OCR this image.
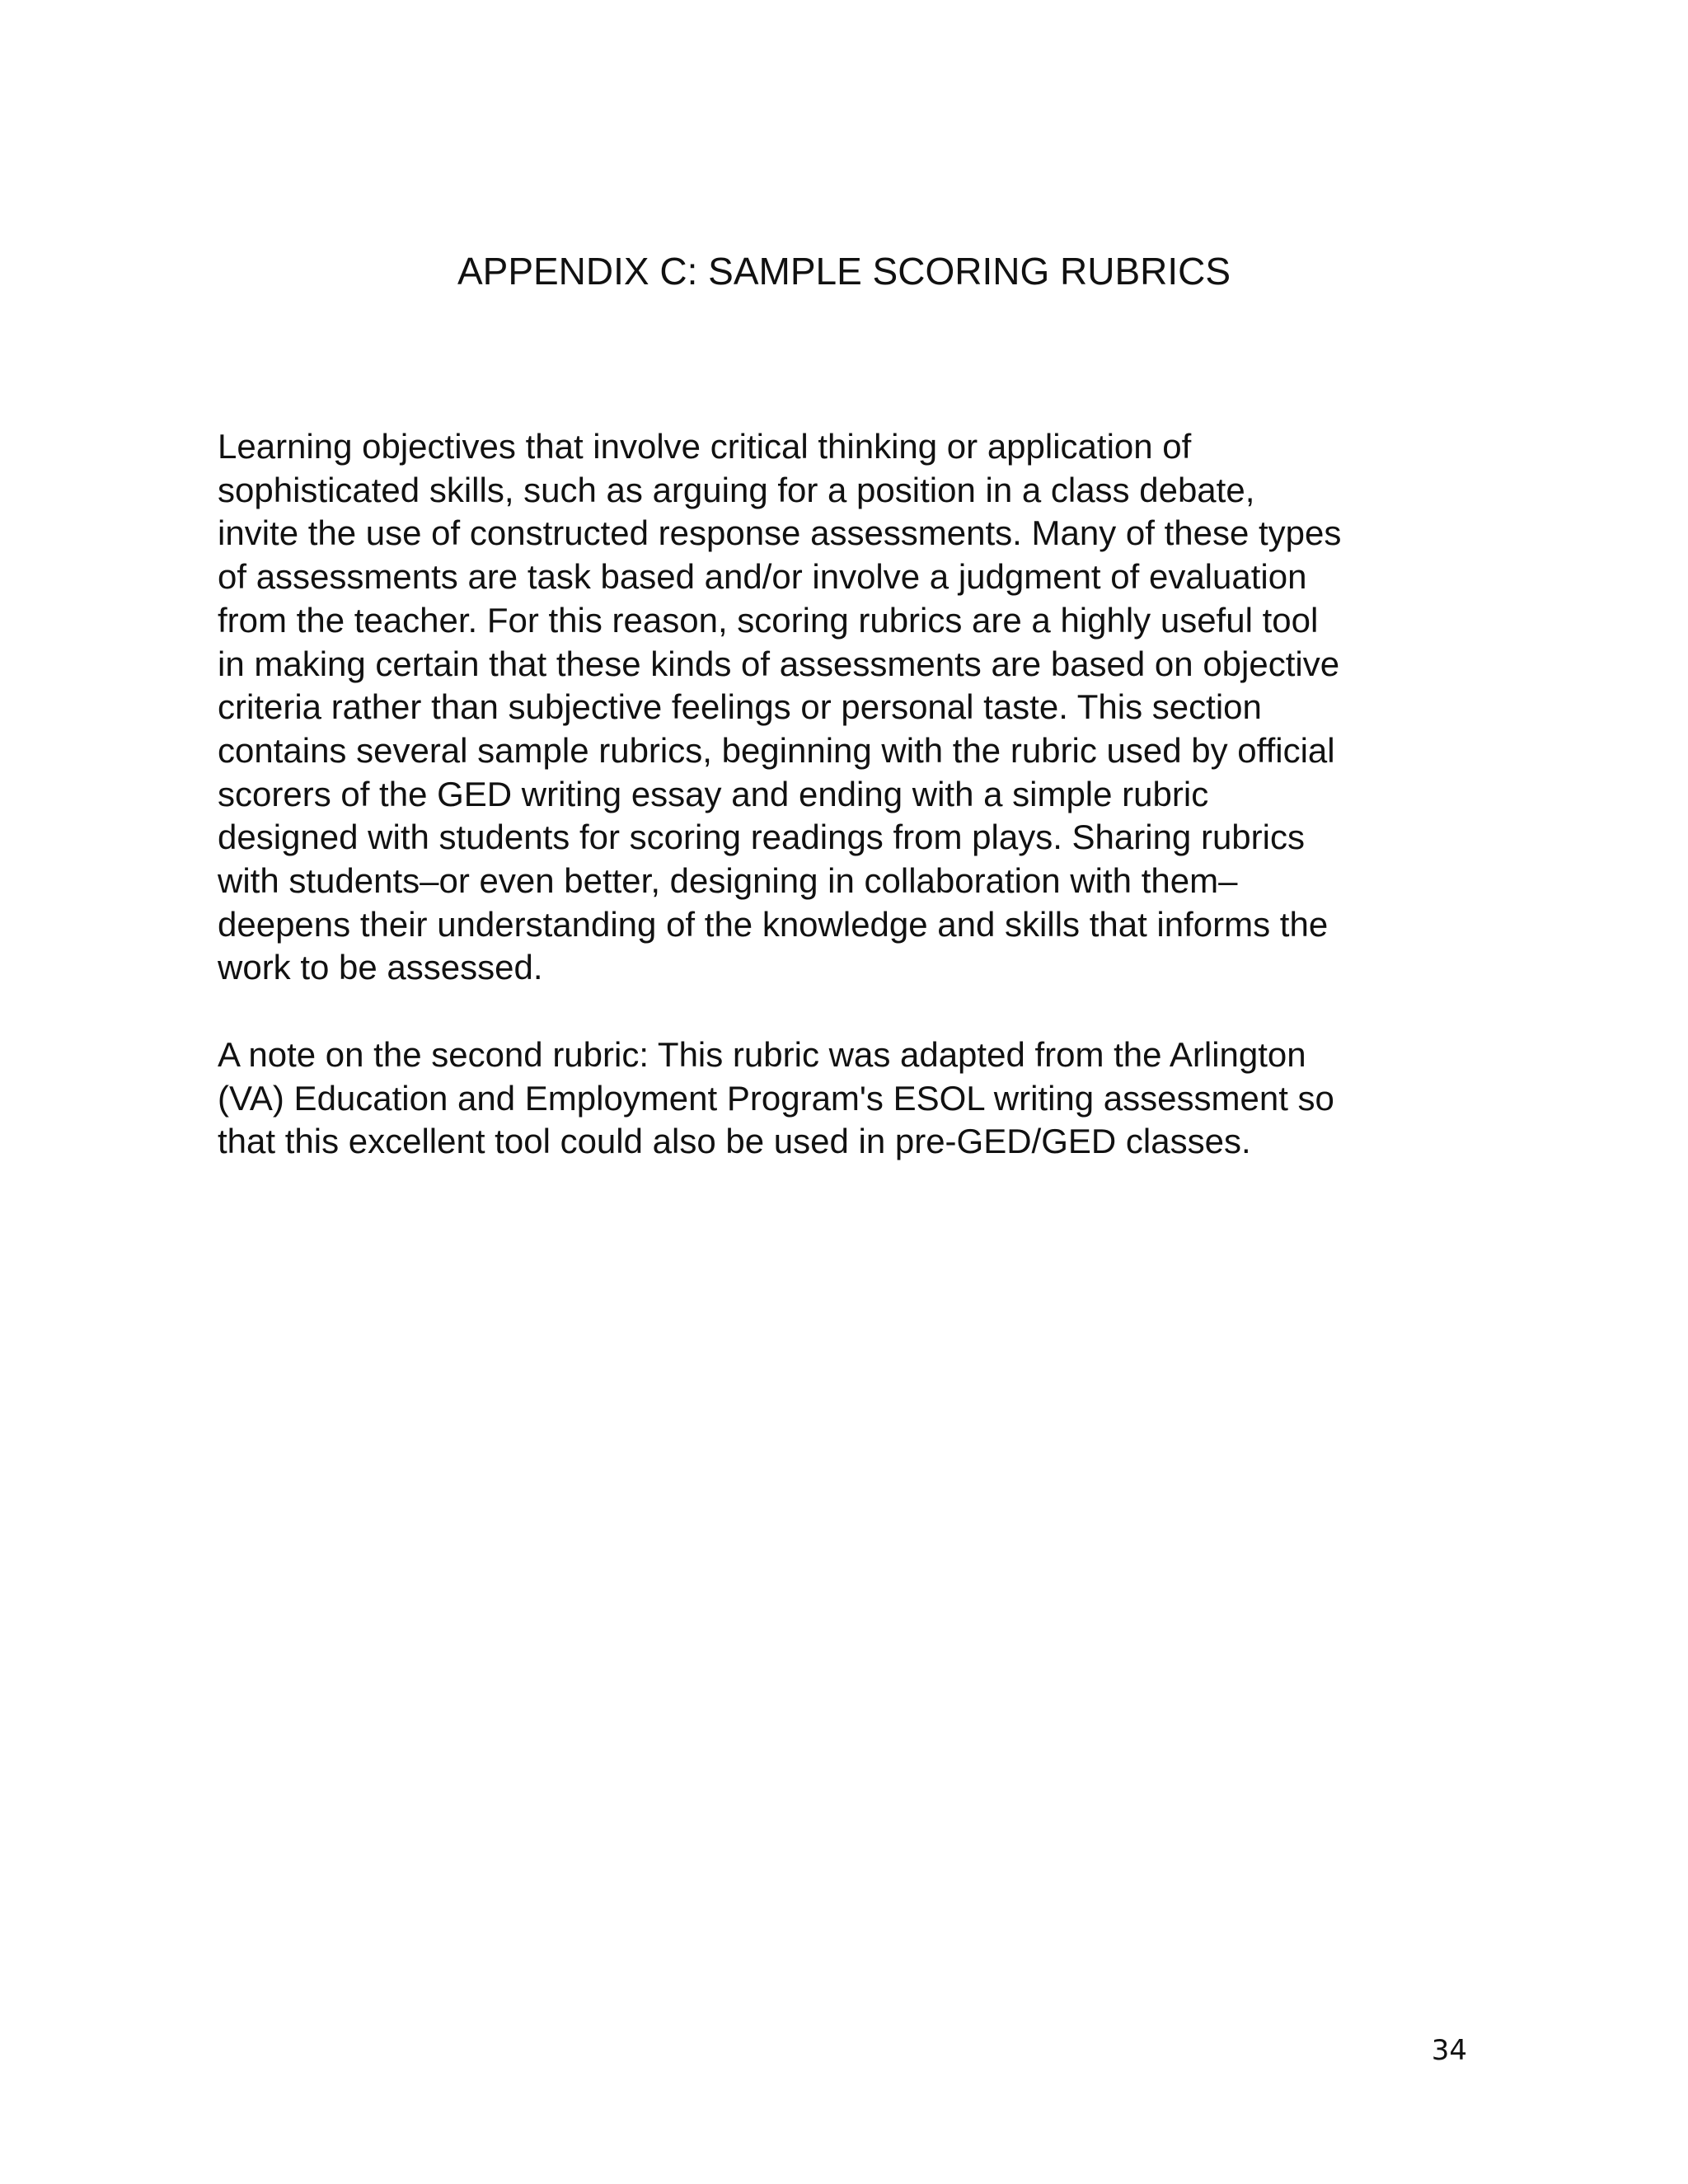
APPENDIX C: SAMPLE SCORING RUBRICS

Learning objectives that involve critical thinking or application of
sophisticated skills, such as arguing for a position in a class debate,
invite the use of constructed response assessments. Many of these types
of assessments are task based and/or involve a judgment of evaluation
from the teacher. For this reason, scoring rubrics are a highly useful tool
in making certain that these kinds of assessments are based on objective
criteria rather than subjective feelings or personal taste. This section
contains several sample rubrics, beginning with the rubric used by official
scorers of the GED writing essay and ending with a simple rubric
designed with students for scoring readings from plays. Sharing rubrics
with students–or even better, designing in collaboration with them–
deepens their understanding of the knowledge and skills that informs the
work to be assessed.

A note on the second rubric: This rubric was adapted from the Arlington
(VA) Education and Employment Program's ESOL writing assessment so
that this excellent tool could also be used in pre-GED/GED classes.

34
